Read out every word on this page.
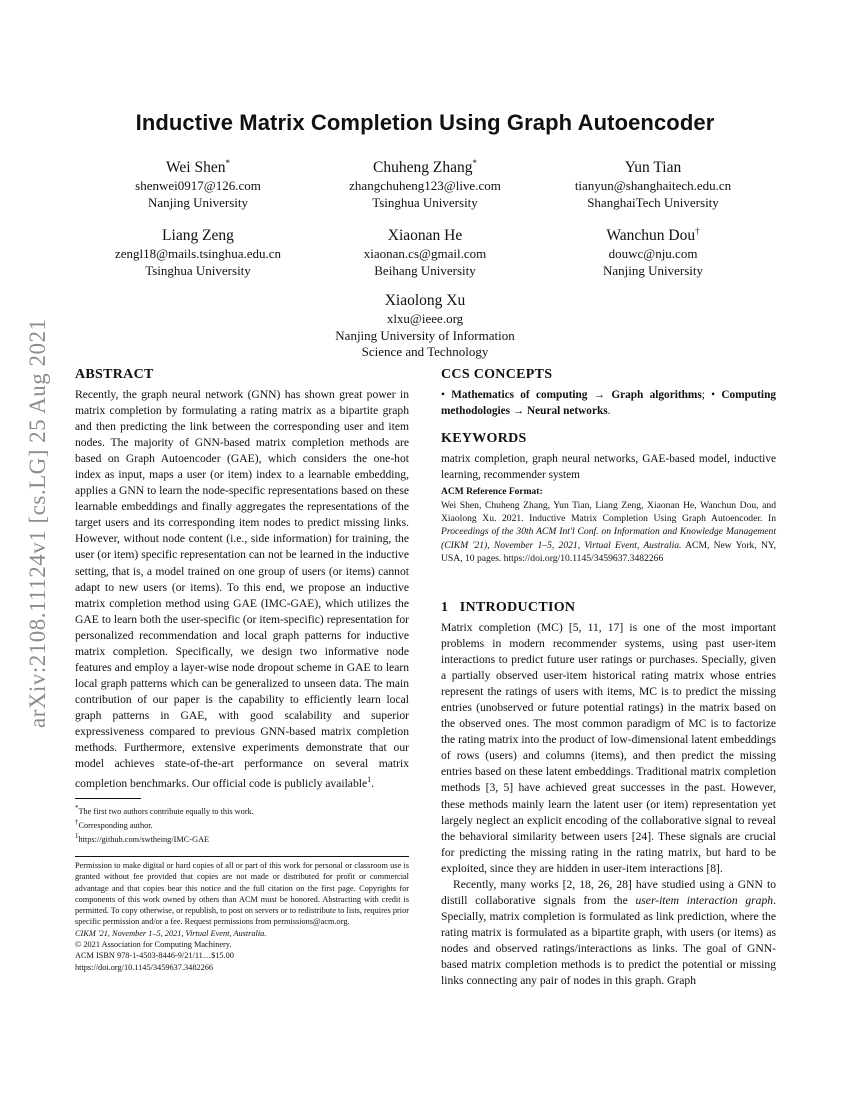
arXiv:2108.11124v1 [cs.LG] 25 Aug 2021
Inductive Matrix Completion Using Graph Autoencoder
Wei Shen*
shenwei0917@126.com
Nanjing University
Chuheng Zhang*
zhangchuheng123@live.com
Tsinghua University
Yun Tian
tianyun@shanghaitech.edu.cn
ShanghaiTech University
Liang Zeng
zengl18@mails.tsinghua.edu.cn
Tsinghua University
Xiaonan He
xiaonan.cs@gmail.com
Beihang University
Wanchun Dou†
douwc@nju.com
Nanjing University
Xiaolong Xu
xlxu@ieee.org
Nanjing University of Information
Science and Technology
ABSTRACT

Recently, the graph neural network (GNN) has shown great power in matrix completion by formulating a rating matrix as a bipartite graph and then predicting the link between the corresponding user and item nodes. The majority of GNN-based matrix completion methods are based on Graph Autoencoder (GAE), which considers the one-hot index as input, maps a user (or item) index to a learnable embedding, applies a GNN to learn the node-specific representations based on these learnable embeddings and finally aggregates the representations of the target users and its corresponding item nodes to predict missing links. However, without node content (i.e., side information) for training, the user (or item) specific representation can not be learned in the inductive setting, that is, a model trained on one group of users (or items) cannot adapt to new users (or items). To this end, we propose an inductive matrix completion method using GAE (IMC-GAE), which utilizes the GAE to learn both the user-specific (or item-specific) representation for personalized recommendation and local graph patterns for inductive matrix completion. Specifically, we design two informative node features and employ a layer-wise node dropout scheme in GAE to learn local graph patterns which can be generalized to unseen data. The main contribution of our paper is the capability to efficiently learn local graph patterns in GAE, with good scalability and superior expressiveness compared to previous GNN-based matrix completion methods. Furthermore, extensive experiments demonstrate that our model achieves state-of-the-art performance on several matrix completion benchmarks. Our official code is publicly available$^1$.

*The first two authors contribute equally to this work.
†Corresponding author.
$^1$https://github.com/swtheing/IMC-GAE

Permission to make digital or hard copies of all or part of this work for personal or classroom use is granted without fee provided that copies are not made or distributed for profit or commercial advantage and that copies bear this notice and the full citation on the first page. Copyrights for components of this work owned by others than ACM must be honored. Abstracting with credit is permitted. To copy otherwise, or republish, to post on servers or to redistribute to lists, requires prior specific permission and/or a fee. Request permissions from permissions@acm.org.

CIKM '21, November 1–5, 2021, Virtual Event, Australia.
© 2021 Association for Computing Machinery.
ACM ISBN 978-1-4503-8446-9/21/11…$15.00
https://doi.org/10.1145/3459637.3482266
CCS CONCEPTS

• Mathematics of computing → Graph algorithms; • Computing methodologies → Neural networks.

KEYWORDS

matrix completion, graph neural networks, GAE-based model, inductive learning, recommender system

ACM Reference Format:

Wei Shen, Chuheng Zhang, Yun Tian, Liang Zeng, Xiaonan He, Wanchun Dou, and Xiaolong Xu. 2021. Inductive Matrix Completion Using Graph Autoencoder. In Proceedings of the 30th ACM Int'l Conf. on Information and Knowledge Management (CIKM '21), November 1–5, 2021, Virtual Event, Australia. ACM, New York, NY, USA, 10 pages. https://doi.org/10.1145/3459637.3482266

1 INTRODUCTION

Matrix completion (MC) [5, 11, 17] is one of the most important problems in modern recommender systems, using past user-item interactions to predict future user ratings or purchases. Specially, given a partially observed user-item historical rating matrix whose entries represent the ratings of users with items, MC is to predict the missing entries (unobserved or future potential ratings) in the matrix based on the observed ones. The most common paradigm of MC is to factorize the rating matrix into the product of low-dimensional latent embeddings of rows (users) and columns (items), and then predict the missing entries based on these latent embeddings. Traditional matrix completion methods [3, 5] have achieved great successes in the past. However, these methods mainly learn the latent user (or item) representation yet largely neglect an explicit encoding of the collaborative signal to reveal the behavioral similarity between users [24]. These signals are crucial for predicting the missing rating in the rating matrix, but hard to be exploited, since they are hidden in user-item interactions [8].

Recently, many works [2, 18, 26, 28] have studied using a GNN to distill collaborative signals from the user-item interaction graph. Specially, matrix completion is formulated as link prediction, where the rating matrix is formulated as a bipartite graph, with users (or items) as nodes and observed ratings/interactions as links. The goal of GNN-based matrix completion methods is to predict the potential or missing links connecting any pair of nodes in this graph. Graph
